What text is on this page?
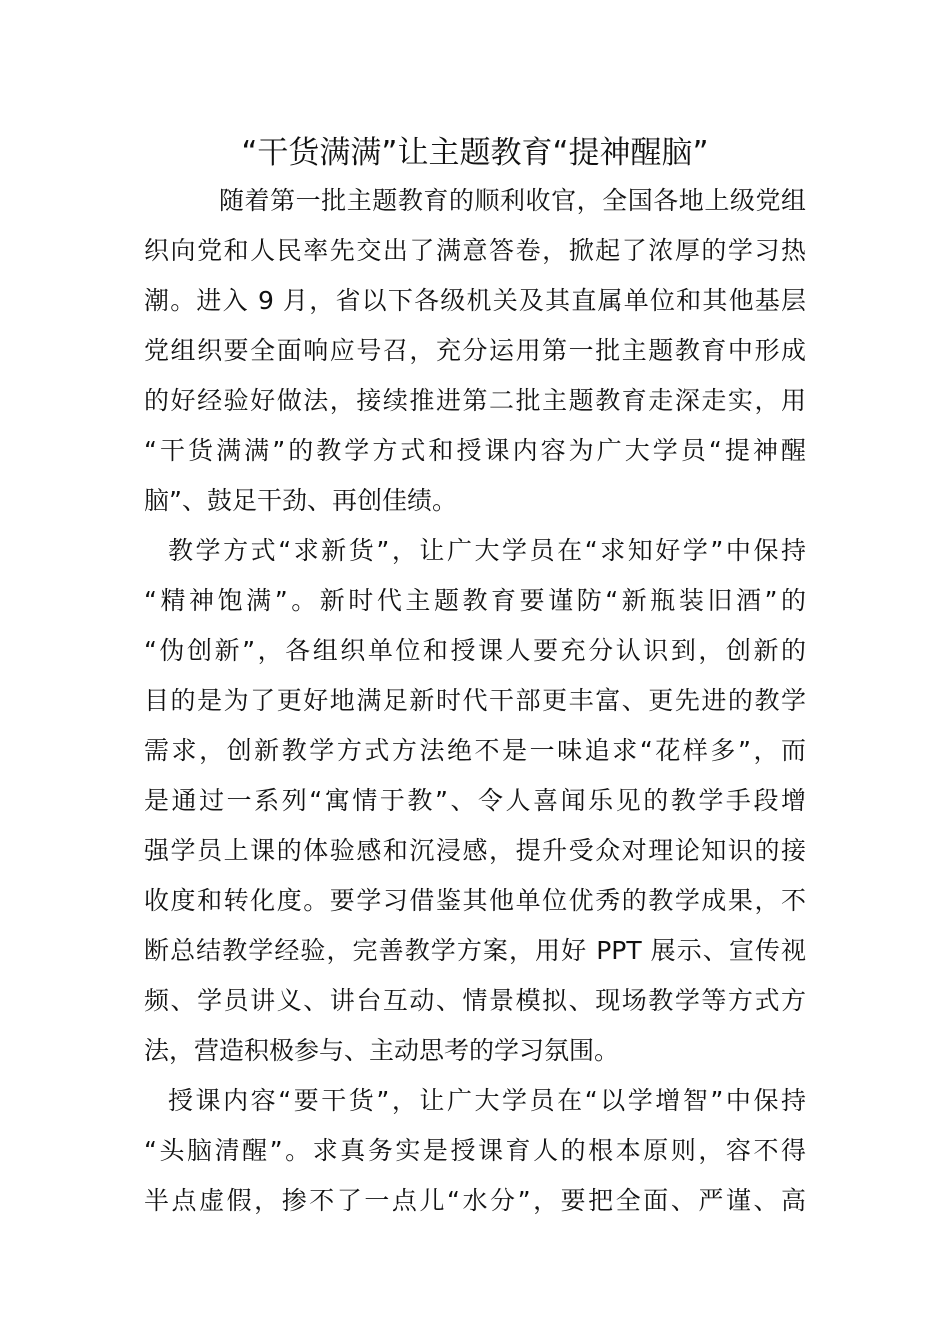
“干货满满”让主题教育“提神醒脑”

随着第一批主题教育的顺利收官，全国各地上级党组

织向党和人民率先交出了满意答卷，掀起了浓厚的学习热

潮。进入 9 月，省以下各级机关及其直属单位和其他基层

党组织要全面响应号召，充分运用第一批主题教育中形成

的好经验好做法，接续推进第二批主题教育走深走实，用

“干货满满”的教学方式和授课内容为广大学员“提神醒

脑”、鼓足干劲、再创佳绩。

教学方式“求新货”，让广大学员在“求知好学”中保持

“精神饱满”。新时代主题教育要谨防“新瓶装旧酒”的

“伪创新”，各组织单位和授课人要充分认识到，创新的

目的是为了更好地满足新时代干部更丰富、更先进的教学

需求，创新教学方式方法绝不是一味追求“花样多”，而

是通过一系列“寓情于教”、令人喜闻乐见的教学手段增

强学员上课的体验感和沉浸感，提升受众对理论知识的接

收度和转化度。要学习借鉴其他单位优秀的教学成果，不

断总结教学经验，完善教学方案，用好 PPT 展示、宣传视

频、学员讲义、讲台互动、情景模拟、现场教学等方式方

法，营造积极参与、主动思考的学习氛围。

授课内容“要干货”，让广大学员在“以学增智”中保持

“头脑清醒”。求真务实是授课育人的根本原则，容不得

半点虚假，掺不了一点儿“水分”，要把全面、严谨、高
